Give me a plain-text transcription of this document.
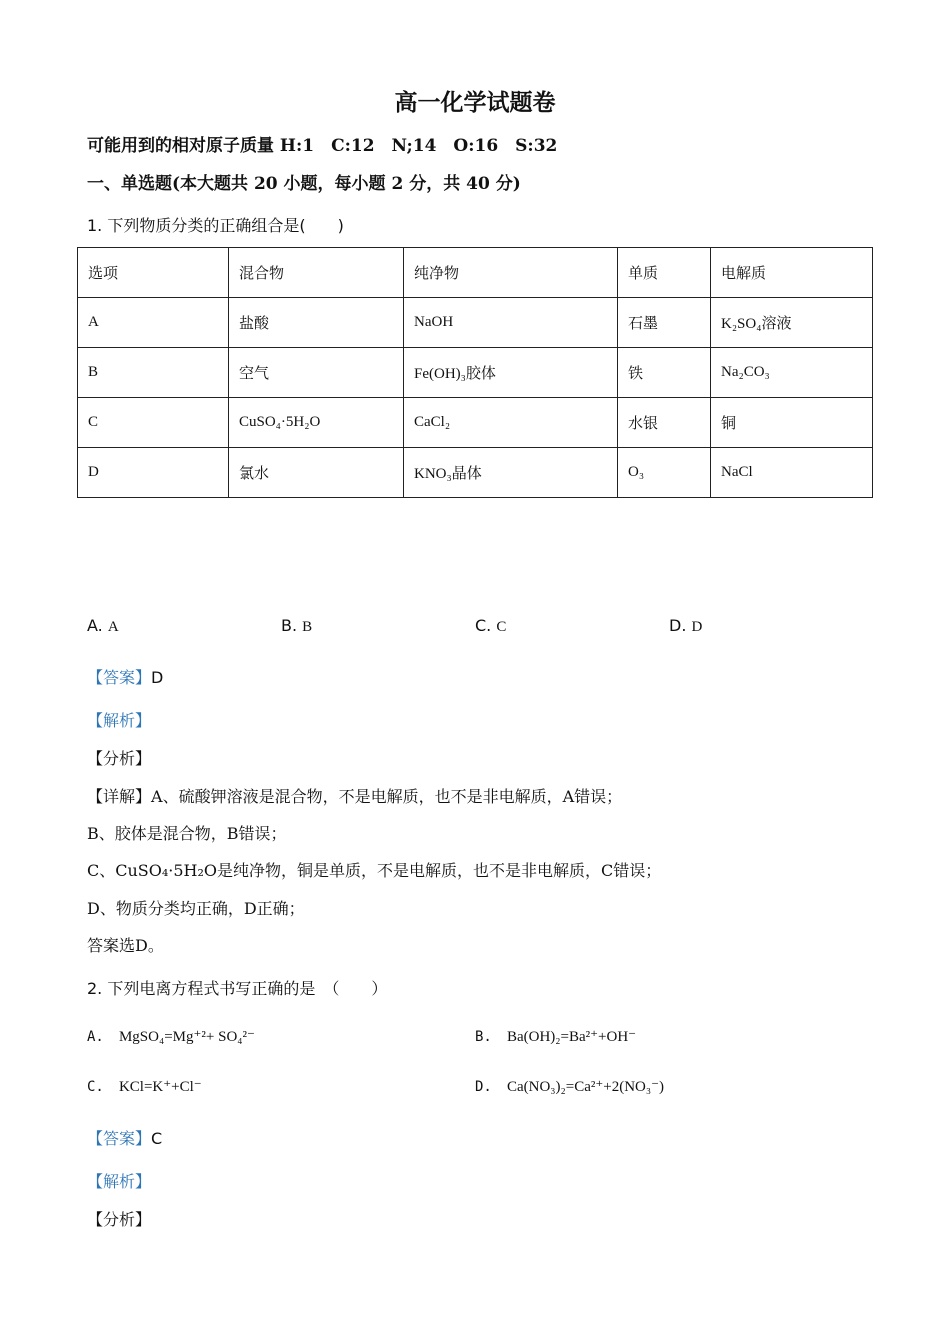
高一化学试题卷
可能用到的相对原子质量 H:1　C:12　N;14　O:16　S:32
一、单选题(本大题共 20 小题，每小题 2 分，共 40 分)
1. 下列物质分类的正确组合是(　　)
选项	混合物	纯净物	单质	电解质
A	盐酸	NaOH	石墨	K₂SO₄溶液
B	空气	Fe(OH)₃胶体	铁	Na₂CO₃
C	CuSO₄·5H₂O	CaCl₂	水银	铜
D	氯水	KNO₃晶体	O₃	NaCl
A. A	B. B	C. C	D. D
【答案】D
【解析】
【分析】
【详解】A、硫酸钾溶液是混合物，不是电解质，也不是非电解质，A错误；
B、胶体是混合物，B错误；
C、CuSO₄·5H₂O是纯净物，铜是单质，不是电解质，也不是非电解质，C错误；
D、物质分类均正确，D正确；
答案选D。
2. 下列电离方程式书写正确的是　（　　）
A. MgSO₄=Mg⁺²+ SO₄²⁻	B. Ba(OH)₂=Ba²⁺+OH⁻
C. KCl=K⁺+Cl⁻	D. Ca(NO₃)₂=Ca²⁺+2(NO₃⁻)
【答案】C
【解析】
【分析】
